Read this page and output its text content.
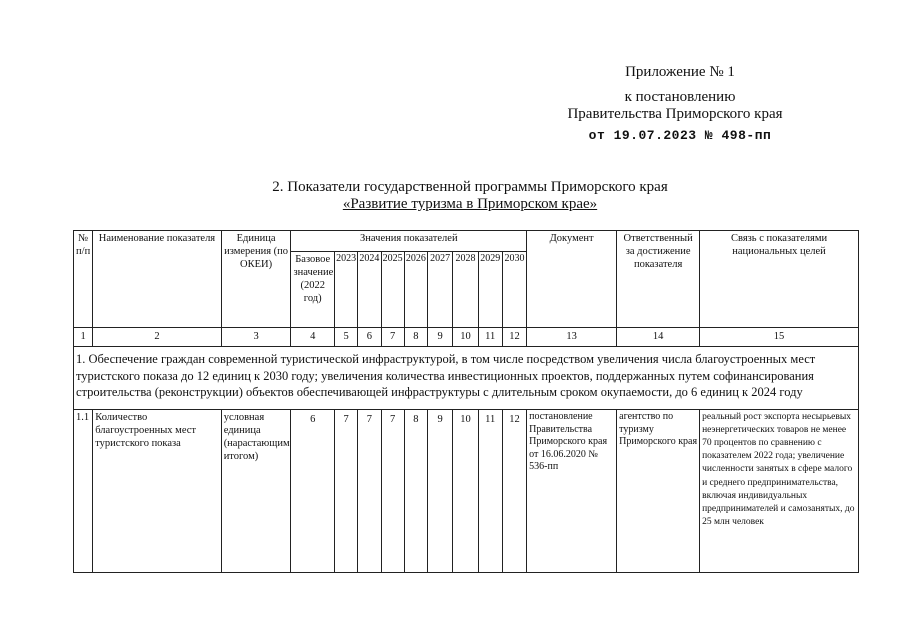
Приложение № 1
к постановлению
Правительства Приморского края
от 19.07.2023 № 498-пп
2. Показатели государственной программы Приморского края
«Развитие туризма в Приморском крае»
№ п/п	Наименование показателя	Единица измерения (по ОКЕИ)	Значения показателей									Документ	Ответственный за достижение показателя	Связь с показателями национальных целей
			Базовое значение (2022 год)	2023	2024	2025	2026	2027	2028	2029	2030			
1	2	3	4	5	6	7	8	9	10	11	12	13	14	15
1. Обеспечение граждан современной туристической инфраструктурой, в том числе посредством увеличения числа благоустроенных мест туристского показа до 12 единиц к 2030 году; увеличения количества инвестиционных проектов, поддержанных путем софинансирования строительства (реконструкции) объектов обеспечивающей инфраструктуры с длительным сроком окупаемости, до 6 единиц к 2024 году														
1.1	Количество благоустроенных мест туристского показа	условная единица (нарастающим итогом)	6	7	7	7	8	9	10	11	12	постановление Правительства Приморского края от 16.06.2020 № 536-пп	агентство по туризму Приморского края	реальный рост экспорта несырьевых неэнергетических товаров не менее 70 процентов по сравнению с показателем 2022 года; увеличение численности занятых в сфере малого и среднего предпринимательства, включая индивидуальных предпринимателей и самозанятых, до 25 млн человек
